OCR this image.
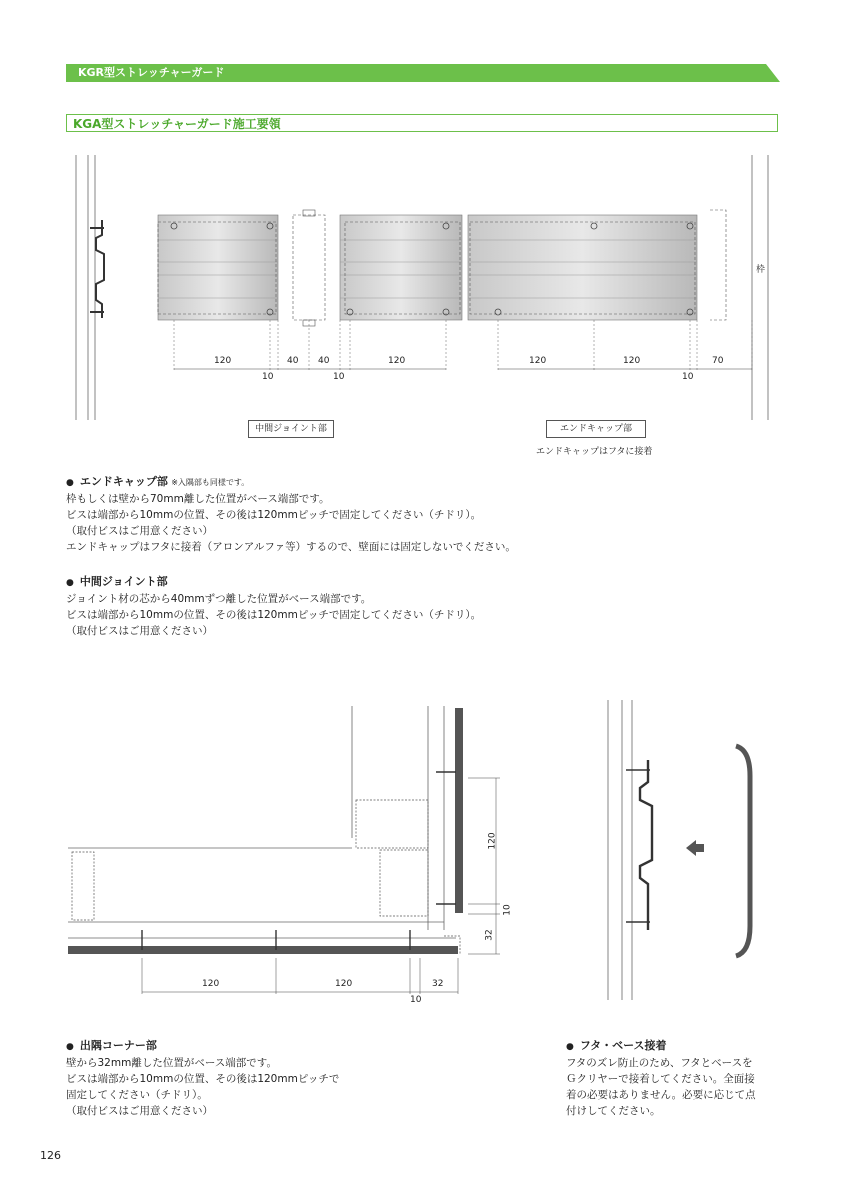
KGR型ストレッチャーガード
KGA型ストレッチャーガード施工要領
120	40 40	120	120	120	70
10	10	10
枠
中間ジョイント部	エンドキャップ部
エンドキャップはフタに接着

● エンドキャップ部 ※入隅部も同様です。

枠もしくは壁から70mm離した位置がベース端部です。

ビスは端部から10mmの位置、その後は120mmピッチで固定してください（チドリ）。

（取付ビスはご用意ください）

エンドキャップはフタに接着（アロンアルファ等）するので、壁面には固定しないでください。

● 中間ジョイント部

ジョイント材の芯から40mmずつ離した位置がベース端部です。

ビスは端部から10mmの位置、その後は120mmピッチで固定してください（チドリ）。

（取付ビスはご用意ください）

120
10
32
120	120	32
10

● 出隅コーナー部

壁から32mm離した位置がベース端部です。

ビスは端部から10mmの位置、その後は120mmピッチで

固定してください（チドリ）。

（取付ビスはご用意ください）

● フタ・ベース接着

フタのズレ防止のため、フタとベースを

Ｇクリヤーで接着してください。全面接

着の必要はありません。必要に応じて点

付けしてください。

126
